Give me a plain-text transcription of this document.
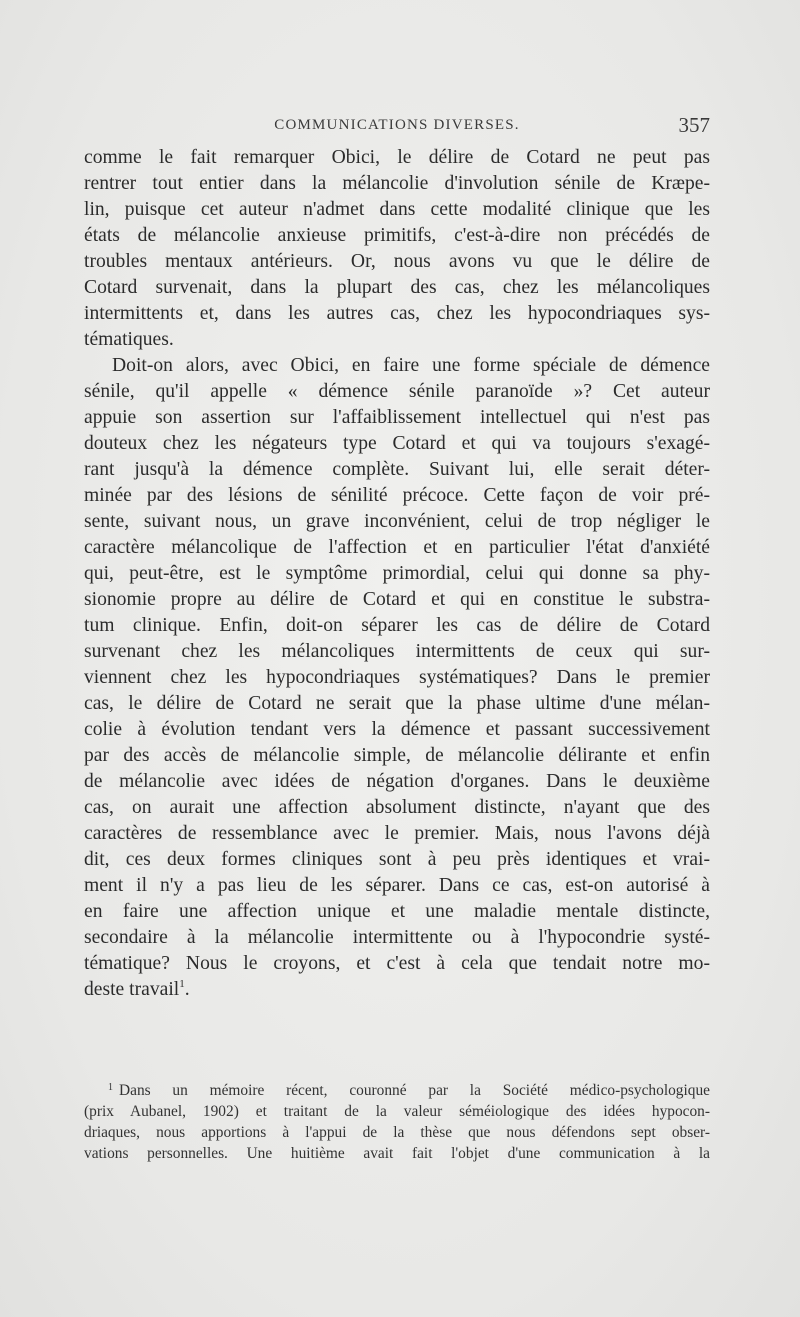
COMMUNICATIONS DIVERSES.	357

comme le fait remarquer Obici, le délire de Cotard ne peut pas
rentrer tout entier dans la mélancolie d'involution sénile de Kræpe-
lin, puisque cet auteur n'admet dans cette modalité clinique que les
états de mélancolie anxieuse primitifs, c'est-à-dire non précédés de
troubles mentaux antérieurs. Or, nous avons vu que le délire de
Cotard survenait, dans la plupart des cas, chez les mélancoliques
intermittents et, dans les autres cas, chez les hypocondriaques sys-
tématiques.

Doit-on alors, avec Obici, en faire une forme spéciale de démence
sénile, qu'il appelle « démence sénile paranoïde »? Cet auteur
appuie son assertion sur l'affaiblissement intellectuel qui n'est pas
douteux chez les négateurs type Cotard et qui va toujours s'exagé-
rant jusqu'à la démence complète. Suivant lui, elle serait déter-
minée par des lésions de sénilité précoce. Cette façon de voir pré-
sente, suivant nous, un grave inconvénient, celui de trop négliger le
caractère mélancolique de l'affection et en particulier l'état d'anxiété
qui, peut-être, est le symptôme primordial, celui qui donne sa phy-
sionomie propre au délire de Cotard et qui en constitue le substra-
tum clinique. Enfin, doit-on séparer les cas de délire de Cotard
survenant chez les mélancoliques intermittents de ceux qui sur-
viennent chez les hypocondriaques systématiques? Dans le premier
cas, le délire de Cotard ne serait que la phase ultime d'une mélan-
colie à évolution tendant vers la démence et passant successivement
par des accès de mélancolie simple, de mélancolie délirante et enfin
de mélancolie avec idées de négation d'organes. Dans le deuxième
cas, on aurait une affection absolument distincte, n'ayant que des
caractères de ressemblance avec le premier. Mais, nous l'avons déjà
dit, ces deux formes cliniques sont à peu près identiques et vrai-
ment il n'y a pas lieu de les séparer. Dans ce cas, est-on autorisé à
en faire une affection unique et une maladie mentale distincte,
secondaire à la mélancolie intermittente ou à l'hypocondrie systé-
tématique? Nous le croyons, et c'est à cela que tendait notre mo-
deste travail$^1$.

$^1$ Dans un mémoire récent, couronné par la Société médico-psychologique
(prix Aubanel, 1902) et traitant de la valeur séméiologique des idées hypocon-
driaques, nous apportions à l'appui de la thèse que nous défendons sept obser-
vations personnelles. Une huitième avait fait l'objet d'une communication à la
